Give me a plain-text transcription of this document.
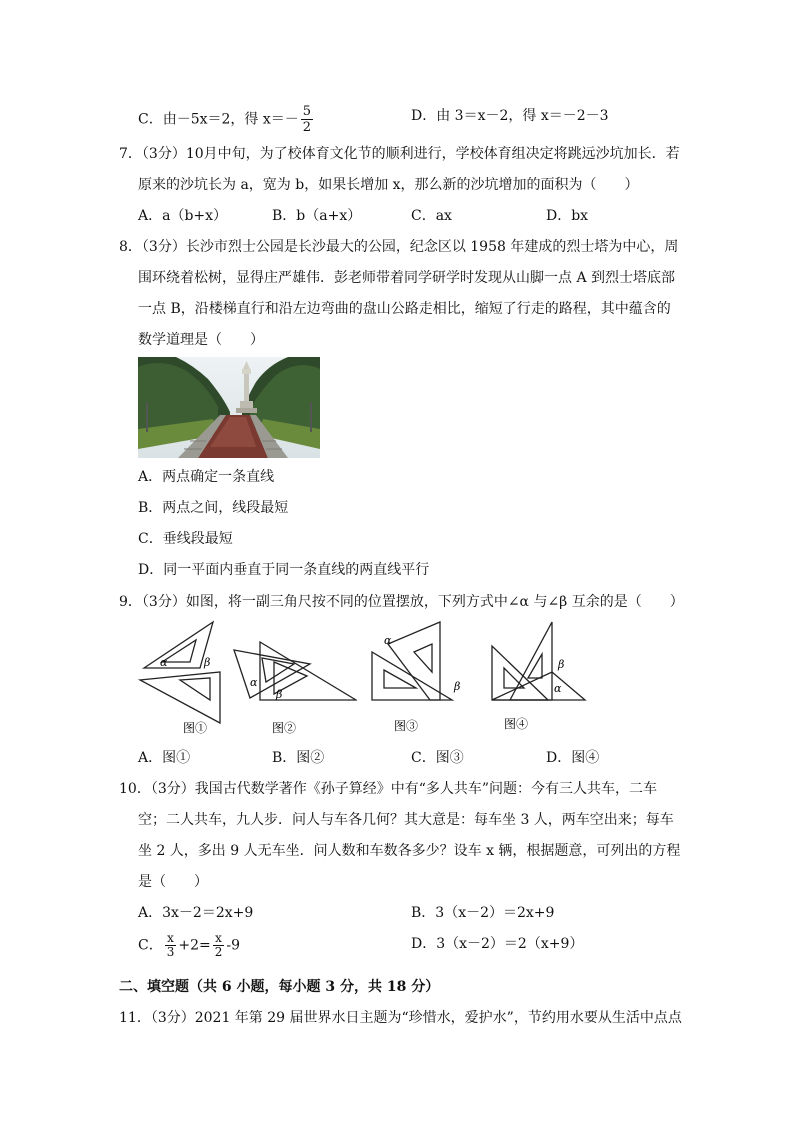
C．由－5x＝2，得 $x=- \frac{5}{2}$	D．由 3＝x－2，得 x＝－2－3
7．（3分）10月中旬，为了校体育文化节的顺利进行，学校体育组决定将跳远沙坑加长．若
原来的沙坑长为 a，宽为 b，如果长增加 x，那么新的沙坑增加的面积为（　　）
A．a（b+x）	B．b（a+x）	C．ax	D．bx
8．（3分）长沙市烈士公园是长沙最大的公园，纪念区以 1958 年建成的烈士塔为中心，周
围环绕着松树，显得庄严雄伟．彭老师带着同学研学时发现从山脚一点 A 到烈士塔底部
一点 B，沿楼梯直行和沿左边弯曲的盘山公路走相比，缩短了行走的路程，其中蕴含的
数学道理是（　　）
A．两点确定一条直线
B．两点之间，线段最短
C．垂线段最短
D．同一平面内垂直于同一条直线的两直线平行
9．（3分）如图，将一副三角尺按不同的位置摆放，下列方式中∠α 与∠β 互余的是（　　）
α	β
图①
α
β
图②
α
β
图③
β
α
图④
A．图①	B．图②	C．图③	D．图④
10．（3分）我国古代数学著作《孙子算经》中有“多人共车”问题：今有三人共车，二车
空；二人共车，九人步．问人与车各几何？其大意是：每车坐 3 人，两车空出来；每车
坐 2 人，多出 9 人无车坐．问人数和车数各多少？设车 x 辆，根据题意，可列出的方程
是（　　）
A．3x－2＝2x+9	B．3（x－2）＝2x+9
C． $\frac{x}{3} +2= \frac{x}{2} -9$	D．3（x－2）＝2（x+9）
二、填空题（共 6 小题，每小题 3 分，共 18 分）
11．（3分）2021 年第 29 届世界水日主题为“珍惜水，爱护水”，节约用水要从生活中点点
